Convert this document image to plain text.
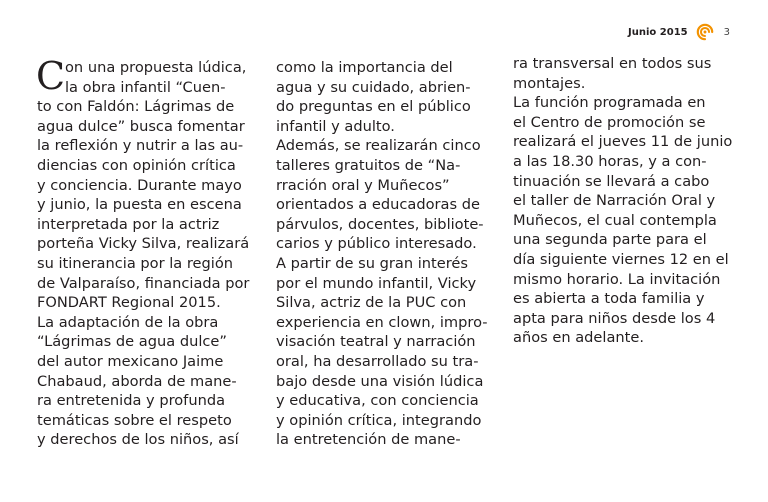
Junio 2015	3
C on una propuesta lúdica,
la obra infantil “Cuen-
to con Faldón: Lágrimas de
agua dulce” busca fomentar
la reflexión y nutrir a las au-
diencias con opinión crítica
y conciencia. Durante mayo
y junio, la puesta en escena
interpretada por la actriz
porteña Vicky Silva, realizará
su itinerancia por la región
de Valparaíso, financiada por
FONDART Regional 2015.
La adaptación de la obra
“Lágrimas de agua dulce”
del autor mexicano Jaime
Chabaud, aborda de mane-
ra entretenida y profunda
temáticas sobre el respeto
y derechos de los niños, así
como la importancia del
agua y su cuidado, abrien-
do preguntas en el público
infantil y adulto.
Además, se realizarán cinco
talleres gratuitos de “Na-
rración oral y Muñecos”
orientados a educadoras de
párvulos, docentes, bibliote-
carios y público interesado.
A partir de su gran interés
por el mundo infantil, Vicky
Silva, actriz de la PUC con
experiencia en clown, impro-
visación teatral y narración
oral, ha desarrollado su tra-
bajo desde una visión lúdica
y educativa, con conciencia
y opinión crítica, integrando
la entretención de mane-
ra transversal en todos sus
montajes.
La función programada en
el Centro de promoción se
realizará el jueves 11 de junio
a las 18.30 horas, y a con-
tinuación se llevará a cabo
el taller de Narración Oral y
Muñecos, el cual contempla
una segunda parte para el
día siguiente viernes 12 en el
mismo horario. La invitación
es abierta a toda familia y
apta para niños desde los 4
años en adelante.
